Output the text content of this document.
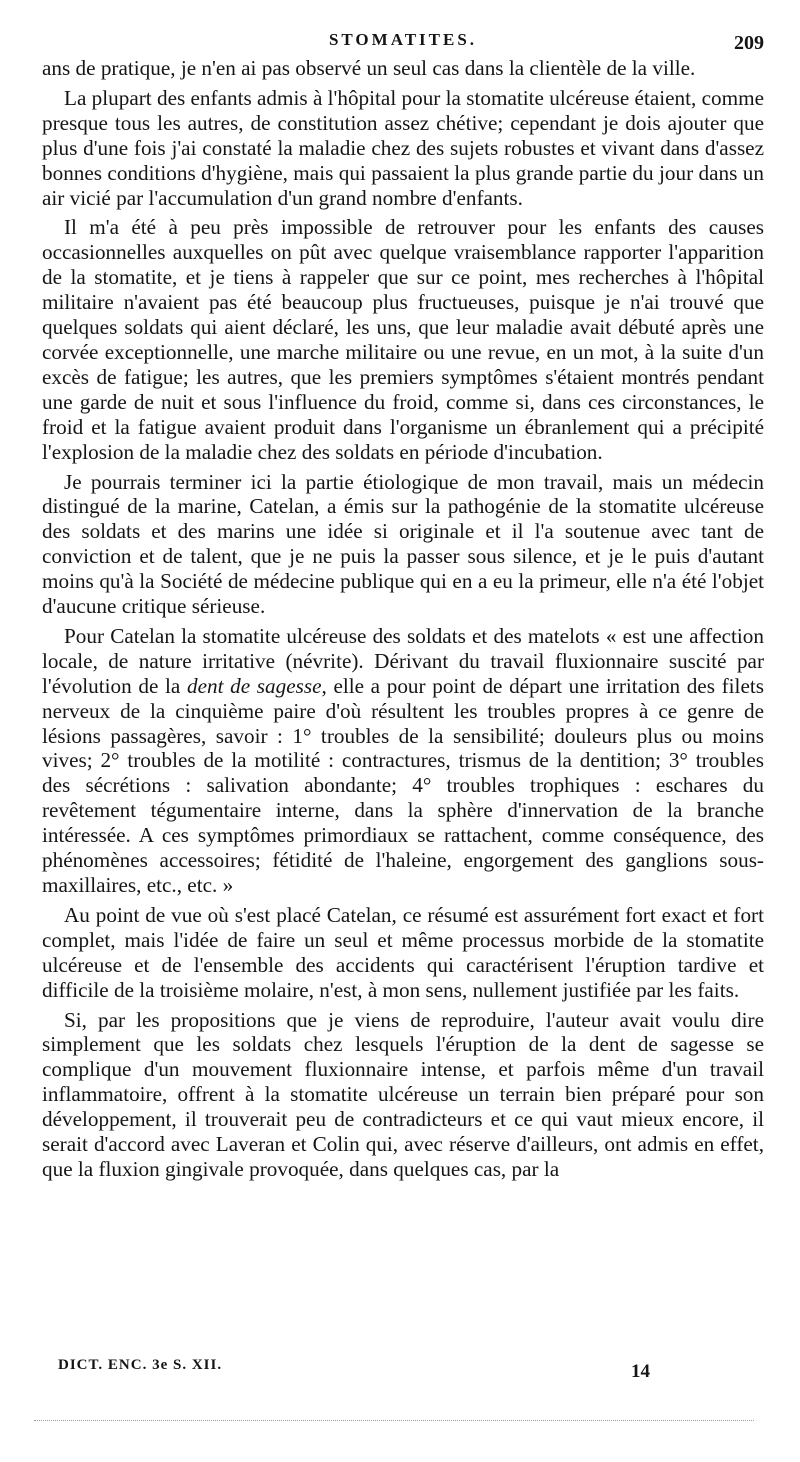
STOMATITES.	209

ans de pratique, je n'en ai pas observé un seul cas dans la clientèle de la ville.

La plupart des enfants admis à l'hôpital pour la stomatite ulcéreuse étaient, comme presque tous les autres, de constitution assez chétive; cependant je dois ajouter que plus d'une fois j'ai constaté la maladie chez des sujets robustes et vivant dans d'assez bonnes conditions d'hygiène, mais qui passaient la plus grande partie du jour dans un air vicié par l'accumulation d'un grand nombre d'enfants.

Il m'a été à peu près impossible de retrouver pour les enfants des causes occasionnelles auxquelles on pût avec quelque vraisemblance rapporter l'apparition de la stomatite, et je tiens à rappeler que sur ce point, mes recherches à l'hôpital militaire n'avaient pas été beaucoup plus fructueuses, puisque je n'ai trouvé que quelques soldats qui aient déclaré, les uns, que leur maladie avait débuté après une corvée exceptionnelle, une marche militaire ou une revue, en un mot, à la suite d'un excès de fatigue; les autres, que les premiers symptômes s'étaient montrés pendant une garde de nuit et sous l'influence du froid, comme si, dans ces circonstances, le froid et la fatigue avaient produit dans l'organisme un ébranlement qui a précipité l'explosion de la maladie chez des soldats en période d'incubation.

Je pourrais terminer ici la partie étiologique de mon travail, mais un médecin distingué de la marine, Catelan, a émis sur la pathogénie de la stomatite ulcéreuse des soldats et des marins une idée si originale et il l'a soutenue avec tant de conviction et de talent, que je ne puis la passer sous silence, et je le puis d'autant moins qu'à la Société de médecine publique qui en a eu la primeur, elle n'a été l'objet d'aucune critique sérieuse.

Pour Catelan la stomatite ulcéreuse des soldats et des matelots « est une affection locale, de nature irritative (névrite). Dérivant du travail fluxionnaire suscité par l'évolution de la dent de sagesse, elle a pour point de départ une irritation des filets nerveux de la cinquième paire d'où résultent les troubles propres à ce genre de lésions passagères, savoir : 1° troubles de la sensibilité; douleurs plus ou moins vives; 2° troubles de la motilité : contractures, trismus de la dentition; 3° troubles des sécrétions : salivation abondante; 4° troubles trophiques : eschares du revêtement tégumentaire interne, dans la sphère d'innervation de la branche intéressée. A ces symptômes primordiaux se rattachent, comme conséquence, des phénomènes accessoires; fétidité de l'haleine, engorgement des ganglions sous-maxillaires, etc., etc. »

Au point de vue où s'est placé Catelan, ce résumé est assurément fort exact et fort complet, mais l'idée de faire un seul et même processus morbide de la stomatite ulcéreuse et de l'ensemble des accidents qui caractérisent l'éruption tardive et difficile de la troisième molaire, n'est, à mon sens, nullement justifiée par les faits.

Si, par les propositions que je viens de reproduire, l'auteur avait voulu dire simplement que les soldats chez lesquels l'éruption de la dent de sagesse se complique d'un mouvement fluxionnaire intense, et parfois même d'un travail inflammatoire, offrent à la stomatite ulcéreuse un terrain bien préparé pour son développement, il trouverait peu de contradicteurs et ce qui vaut mieux encore, il serait d'accord avec Laveran et Colin qui, avec réserve d'ailleurs, ont admis en effet, que la fluxion gingivale provoquée, dans quelques cas, par la

DICT. ENC. 3e S. XII.	14
